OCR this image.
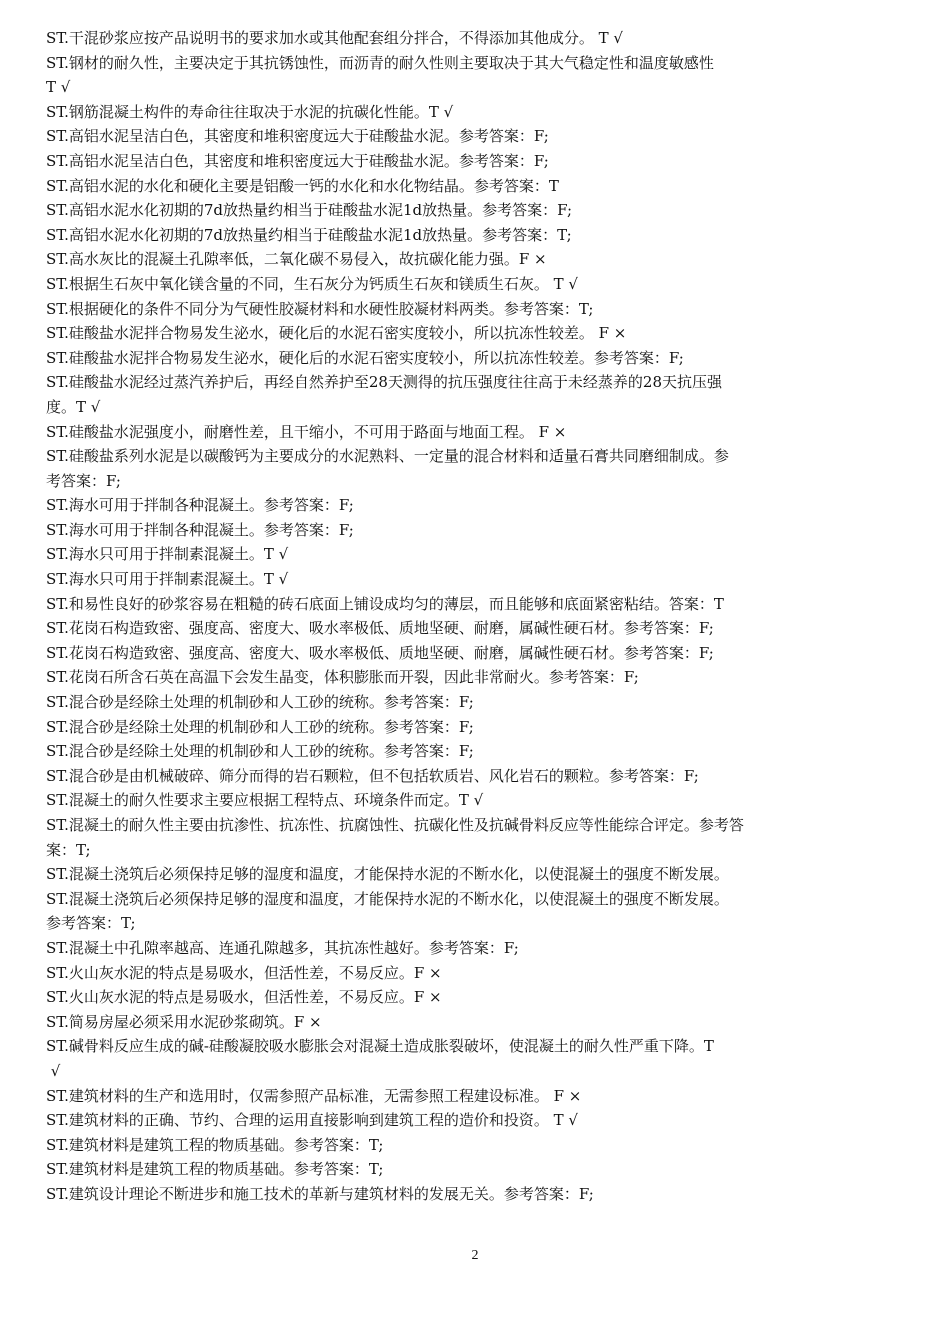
ST.干混砂浆应按产品说明书的要求加水或其他配套组分拌合，不得添加其他成分。 T √
ST.钢材的耐久性，主要决定于其抗锈蚀性，而沥青的耐久性则主要取决于其大气稳定性和温度敏感性
T √
ST.钢筋混凝土构件的寿命往往取决于水泥的抗碳化性能。T √
ST.高铝水泥呈洁白色，其密度和堆积密度远大于硅酸盐水泥。参考答案：F;
ST.高铝水泥呈洁白色，其密度和堆积密度远大于硅酸盐水泥。参考答案：F;
ST.高铝水泥的水化和硬化主要是铝酸一钙的水化和水化物结晶。参考答案：T
ST.高铝水泥水化初期的7d放热量约相当于硅酸盐水泥1d放热量。参考答案：F;
ST.高铝水泥水化初期的7d放热量约相当于硅酸盐水泥1d放热量。参考答案：T;
ST.高水灰比的混凝土孔隙率低，二氧化碳不易侵入，故抗碳化能力强。F ×
ST.根据生石灰中氧化镁含量的不同，生石灰分为钙质生石灰和镁质生石灰。 T √
ST.根据硬化的条件不同分为气硬性胶凝材料和水硬性胶凝材料两类。参考答案：T;
ST.硅酸盐水泥拌合物易发生泌水，硬化后的水泥石密实度较小，所以抗冻性较差。 F ×
ST.硅酸盐水泥拌合物易发生泌水，硬化后的水泥石密实度较小，所以抗冻性较差。参考答案：F;
ST.硅酸盐水泥经过蒸汽养护后，再经自然养护至28天测得的抗压强度往往高于未经蒸养的28天抗压强
度。T √
ST.硅酸盐水泥强度小，耐磨性差，且干缩小，不可用于路面与地面工程。 F ×
ST.硅酸盐系列水泥是以碳酸钙为主要成分的水泥熟料、一定量的混合材料和适量石膏共同磨细制成。参
考答案：F;
ST.海水可用于拌制各种混凝土。参考答案：F;
ST.海水可用于拌制各种混凝土。参考答案：F;
ST.海水只可用于拌制素混凝土。T √
ST.海水只可用于拌制素混凝土。T √
ST.和易性良好的砂浆容易在粗糙的砖石底面上铺设成均匀的薄层，而且能够和底面紧密粘结。答案：T
ST.花岗石构造致密、强度高、密度大、吸水率极低、质地坚硬、耐磨，属碱性硬石材。参考答案：F;
ST.花岗石构造致密、强度高、密度大、吸水率极低、质地坚硬、耐磨，属碱性硬石材。参考答案：F;
ST.花岗石所含石英在高温下会发生晶变，体积膨胀而开裂，因此非常耐火。参考答案：F;
ST.混合砂是经除土处理的机制砂和人工砂的统称。参考答案：F;
ST.混合砂是经除土处理的机制砂和人工砂的统称。参考答案：F;
ST.混合砂是经除土处理的机制砂和人工砂的统称。参考答案：F;
ST.混合砂是由机械破碎、筛分而得的岩石颗粒，但不包括软质岩、风化岩石的颗粒。参考答案：F;
ST.混凝土的耐久性要求主要应根据工程特点、环境条件而定。T √
ST.混凝土的耐久性主要由抗渗性、抗冻性、抗腐蚀性、抗碳化性及抗碱骨料反应等性能综合评定。参考答
案：T;
ST.混凝土浇筑后必须保持足够的湿度和温度，才能保持水泥的不断水化，以使混凝土的强度不断发展。
ST.混凝土浇筑后必须保持足够的湿度和温度，才能保持水泥的不断水化，以使混凝土的强度不断发展。
参考答案：T;
ST.混凝土中孔隙率越高、连通孔隙越多，其抗冻性越好。参考答案：F;
ST.火山灰水泥的特点是易吸水，但活性差，不易反应。F ×
ST.火山灰水泥的特点是易吸水，但活性差，不易反应。F ×
ST.简易房屋必须采用水泥砂浆砌筑。F ×
ST.碱骨料反应生成的碱-硅酸凝胶吸水膨胀会对混凝土造成胀裂破坏，使混凝土的耐久性严重下降。T
√
ST.建筑材料的生产和选用时，仅需参照产品标准，无需参照工程建设标准。 F ×
ST.建筑材料的正确、节约、合理的运用直接影响到建筑工程的造价和投资。 T √
ST.建筑材料是建筑工程的物质基础。参考答案：T;
ST.建筑材料是建筑工程的物质基础。参考答案：T;
ST.建筑设计理论不断进步和施工技术的革新与建筑材料的发展无关。参考答案：F;
2
